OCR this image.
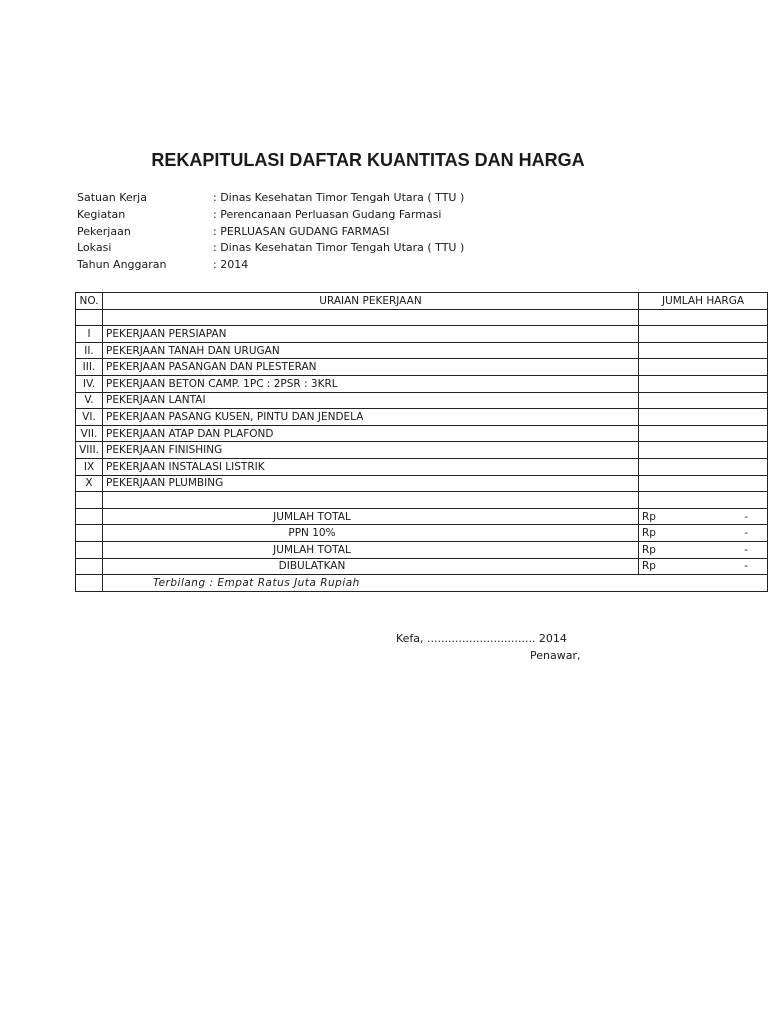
REKAPITULASI DAFTAR KUANTITAS DAN HARGA
Satuan Kerja	: Dinas Kesehatan Timor Tengah Utara ( TTU )
Kegiatan	: Perencanaan Perluasan Gudang Farmasi
Pekerjaan	: PERLUASAN GUDANG FARMASI
Lokasi	: Dinas Kesehatan Timor Tengah Utara ( TTU )
Tahun Anggaran	: 2014
NO.	URAIAN PEKERJAAN	JUMLAH HARGA

I	PEKERJAAN PERSIAPAN	
II.	PEKERJAAN TANAH DAN URUGAN	
III.	PEKERJAAN PASANGAN DAN PLESTERAN	
IV.	PEKERJAAN BETON CAMP. 1PC : 2PSR : 3KRL	
V.	PEKERJAAN LANTAI	
VI.	PEKERJAAN PASANG KUSEN, PINTU DAN JENDELA	
VII.	PEKERJAAN ATAP DAN PLAFOND	
VIII.	PEKERJAAN FINISHING	
IX	PEKERJAAN INSTALASI LISTRIK	
X	PEKERJAAN PLUMBING	

	JUMLAH TOTAL	Rp -

	PPN 10%	Rp -

	JUMLAH TOTAL	Rp -

	DIBULATKAN	Rp -

	Terbilang : Empat Ratus Juta Rupiah	
Kefa, ............................... 2014
Penawar,
